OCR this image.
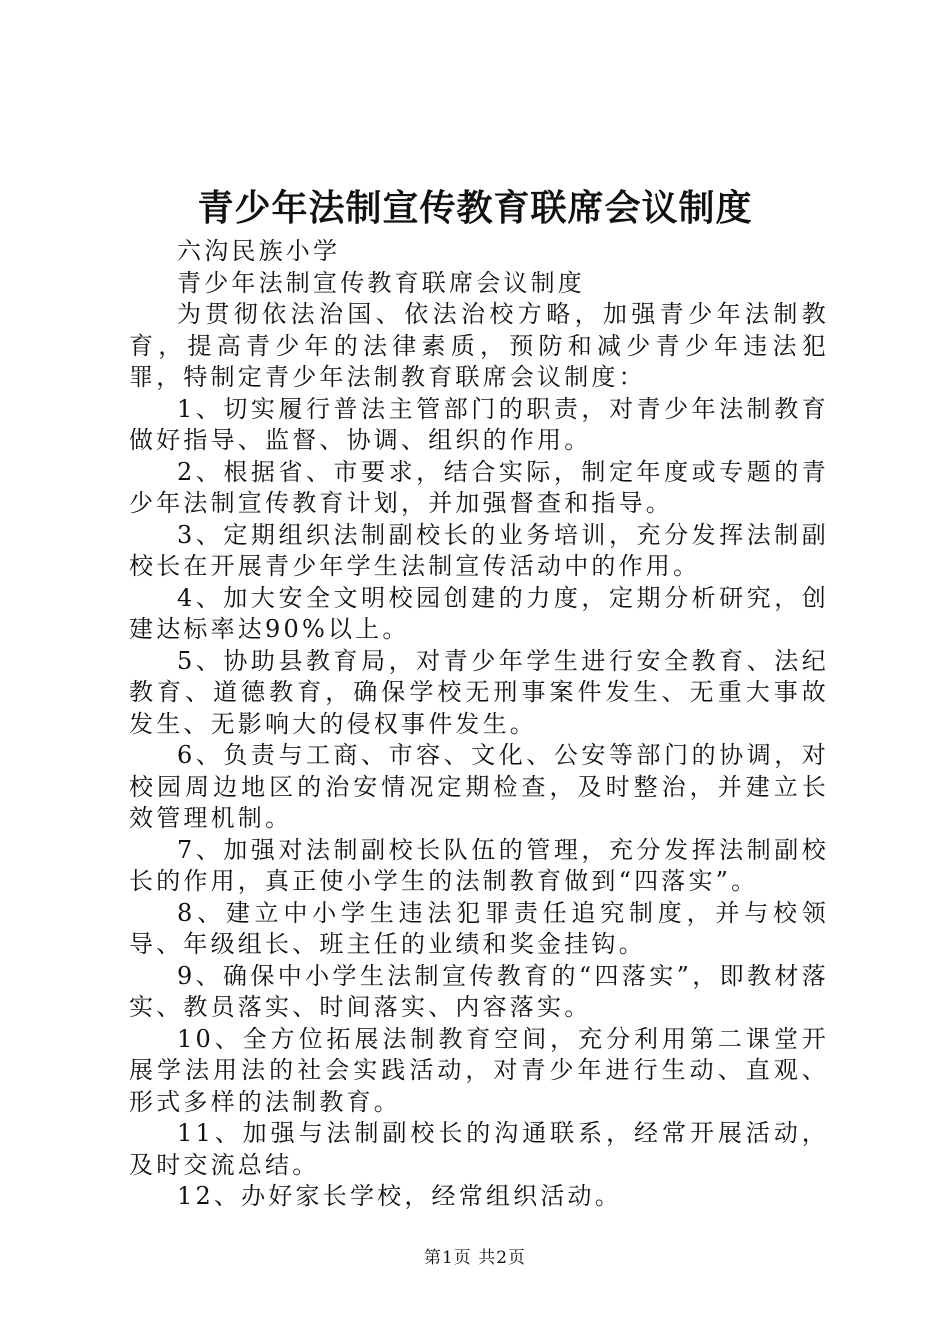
青少年法制宣传教育联席会议制度

六沟民族小学

青少年法制宣传教育联席会议制度

为贯彻依法治国、依法治校方略，加强青少年法制教育，提高青少年的法律素质，预防和减少青少年违法犯罪，特制定青少年法制教育联席会议制度：

1、切实履行普法主管部门的职责，对青少年法制教育做好指导、监督、协调、组织的作用。

2、根据省、市要求，结合实际，制定年度或专题的青少年法制宣传教育计划，并加强督查和指导。

3、定期组织法制副校长的业务培训，充分发挥法制副校长在开展青少年学生法制宣传活动中的作用。

4、加大安全文明校园创建的力度，定期分析研究，创建达标率达90%以上。

5、协助县教育局，对青少年学生进行安全教育、法纪教育、道德教育，确保学校无刑事案件发生、无重大事故发生、无影响大的侵权事件发生。

6、负责与工商、市容、文化、公安等部门的协调，对校园周边地区的治安情况定期检查，及时整治，并建立长效管理机制。

7、加强对法制副校长队伍的管理，充分发挥法制副校长的作用，真正使小学生的法制教育做到“四落实”。

8、建立中小学生违法犯罪责任追究制度，并与校领导、年级组长、班主任的业绩和奖金挂钩。

9、确保中小学生法制宣传教育的“四落实”，即教材落实、教员落实、时间落实、内容落实。

10、全方位拓展法制教育空间，充分利用第二课堂开展学法用法的社会实践活动，对青少年进行生动、直观、形式多样的法制教育。

11、加强与法制副校长的沟通联系，经常开展活动，及时交流总结。

12、办好家长学校，经常组织活动。

第1页 共2页
